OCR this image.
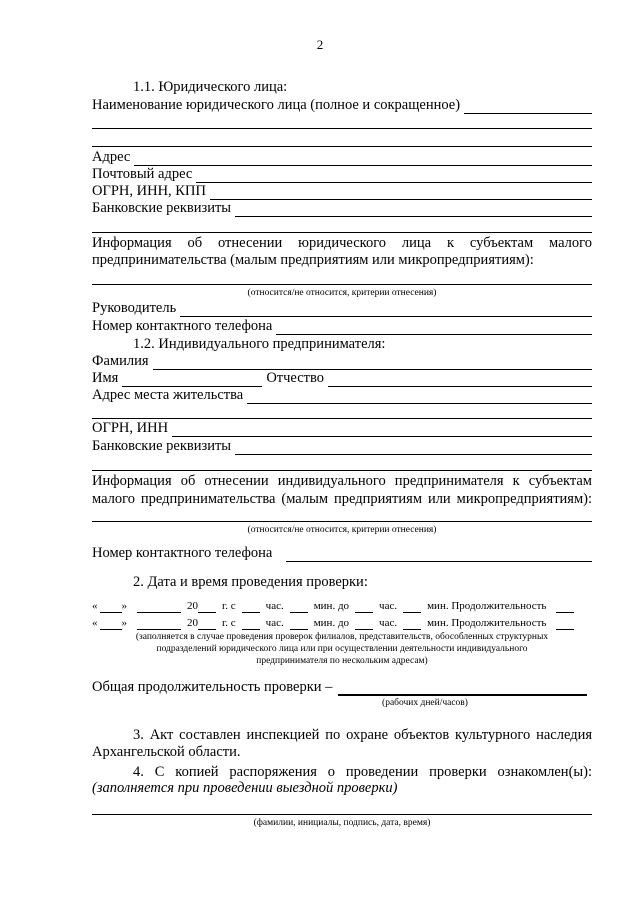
2
1.1. Юридического лица:
Наименование юридического лица (полное и сокращенное)
Адрес
Почтовый адрес
ОГРН, ИНН, КПП
Банковские реквизиты
Информация об отнесении юридического лица к субъектам малого
предпринимательства (малым предприятиям или микропредприятиям):
(относится/не относится, критерии отнесения)
Руководитель
Номер контактного телефона
1.2. Индивидуального предпринимателя:
Фамилия
Имя	Отчество
Адрес места жительства
ОГРН, ИНН
Банковские реквизиты
Информация об отнесении индивидуального предпринимателя к субъектам
малого предпринимательства (малым предприятиям или микропредприятиям):
(относится/не относится, критерии отнесения)
Номер контактного телефона
2. Дата и время проведения проверки:
« »	20 г. с	час.	мин. до	час.	мин. Продолжительность
« »	20 г. с	час.	мин. до	час.	мин. Продолжительность
(заполняется в случае проведения проверок филиалов, представительств, обособленных структурных
подразделений юридического лица или при осуществлении деятельности индивидуального
предпринимателя по нескольким адресам)
Общая продолжительность проверки –
(рабочих дней/часов)
3. Акт составлен инспекцией по охране объектов культурного наследия
Архангельской области.
4. С копией распоряжения о проведении проверки ознакомлен(ы):
(заполняется при проведении выездной проверки)
(фамилии, инициалы, подпись, дата, время)
